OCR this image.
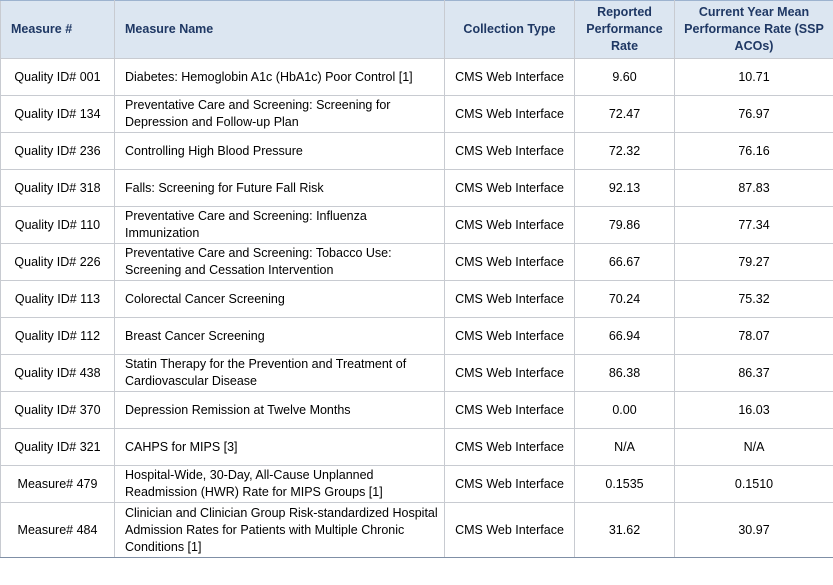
Measure #	Measure Name	Collection Type	Reported Performance Rate	Current Year Mean Performance Rate (SSP ACOs)
Quality ID# 001	Diabetes: Hemoglobin A1c (HbA1c) Poor Control [1]	CMS Web Interface	9.60	10.71
Quality ID# 134	Preventative Care and Screening: Screening for Depression and Follow-up Plan	CMS Web Interface	72.47	76.97
Quality ID# 236	Controlling High Blood Pressure	CMS Web Interface	72.32	76.16
Quality ID# 318	Falls: Screening for Future Fall Risk	CMS Web Interface	92.13	87.83
Quality ID# 110	Preventative Care and Screening: Influenza Immunization	CMS Web Interface	79.86	77.34
Quality ID# 226	Preventative Care and Screening: Tobacco Use: Screening and Cessation Intervention	CMS Web Interface	66.67	79.27
Quality ID# 113	Colorectal Cancer Screening	CMS Web Interface	70.24	75.32
Quality ID# 112	Breast Cancer Screening	CMS Web Interface	66.94	78.07
Quality ID# 438	Statin Therapy for the Prevention and Treatment of Cardiovascular Disease	CMS Web Interface	86.38	86.37
Quality ID# 370	Depression Remission at Twelve Months	CMS Web Interface	0.00	16.03
Quality ID# 321	CAHPS for MIPS [3]	CMS Web Interface	N/A	N/A
Measure# 479	Hospital-Wide, 30-Day, All-Cause Unplanned Readmission (HWR) Rate for MIPS Groups [1]	CMS Web Interface	0.1535	0.1510
Measure# 484	Clinician and Clinician Group Risk-standardized Hospital Admission Rates for Patients with Multiple Chronic Conditions [1]	CMS Web Interface	31.62	30.97
